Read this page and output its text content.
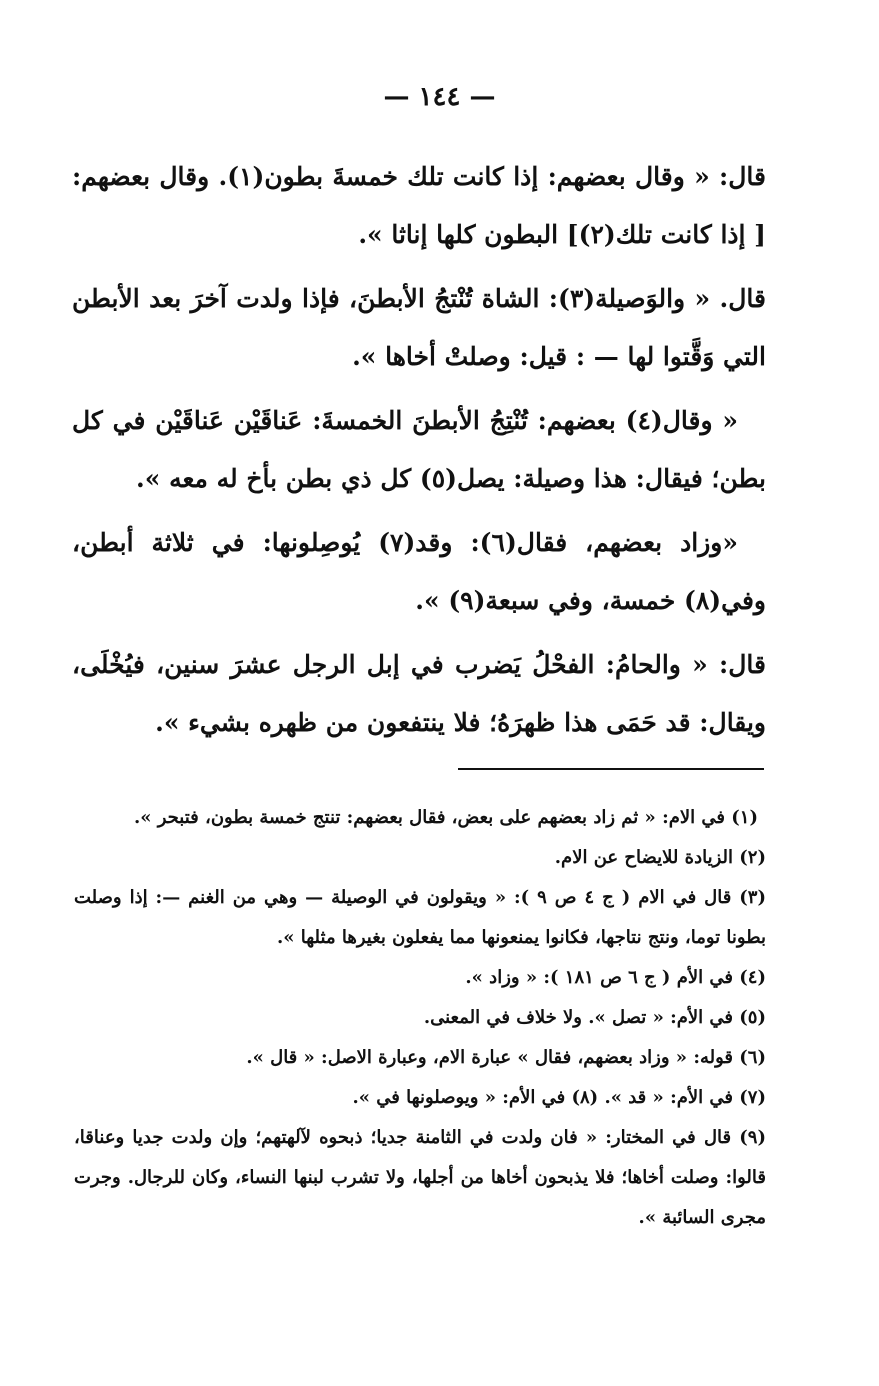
— ١٤٤ —

قال: « وقال بعضهم: إذا كانت تلك خمسةَ بطون(١). وقال بعضهم: [ إذا كانت تلك(٢)] البطون كلها إناثا ».

قال. « والوَصيلة(٣): الشاة تُنْتجُ الأبطنَ، فإذا ولدت آخرَ بعد الأبطن التي وَقَّتوا لها — : قيل: وصلتْ أخاها ».

« وقال(٤) بعضهم: تُنْتِجُ الأبطنَ الخمسةَ: عَناقَيْن عَناقَيْن في كل بطن؛ فيقال: هذا وصيلة: يصل(٥) كل ذي بطن بأخ له معه ».

«وزاد بعضهم، فقال(٦): وقد(٧) يُوصِلونها: في ثلاثة أبطن، وفي(٨) خمسة، وفي سبعة(٩) ».

قال: « والحامُ: الفحْلُ يَضرب في إبل الرجل عشرَ سنين، فيُخْلَى، ويقال: قد حَمَى هذا ظهرَهُ؛ فلا ينتفعون من ظهره بشيء ».

(١) في الام: « ثم زاد بعضهم على بعض، فقال بعضهم: تنتج خمسة بطون، فتبحر ».

(٢) الزيادة للايضاح عن الام.

(٣) قال في الام ( ج ٤ ص ٩ ): « ويقولون في الوصيلة — وهي من الغنم —: إذا وصلت بطونا توما، ونتج نتاجها، فكانوا يمنعونها مما يفعلون بغيرها مثلها ».

(٤) في الأم ( ج ٦ ص ١٨١ ): « وزاد ».

(٥) في الأم: « تصل ». ولا خلاف في المعنى.

(٦) قوله: « وزاد بعضهم، فقال » عبارة الام، وعبارة الاصل: « قال ».

(٧) في الأم: « قد ». (٨) في الأم: « ويوصلونها في ».

(٩) قال في المختار: « فان ولدت في الثامنة جديا؛ ذبحوه لآلهتهم؛ وإن ولدت جديا وعناقا، قالوا: وصلت أخاها؛ فلا يذبحون أخاها من أجلها، ولا تشرب لبنها النساء، وكان للرجال. وجرت مجرى السائبة ».
